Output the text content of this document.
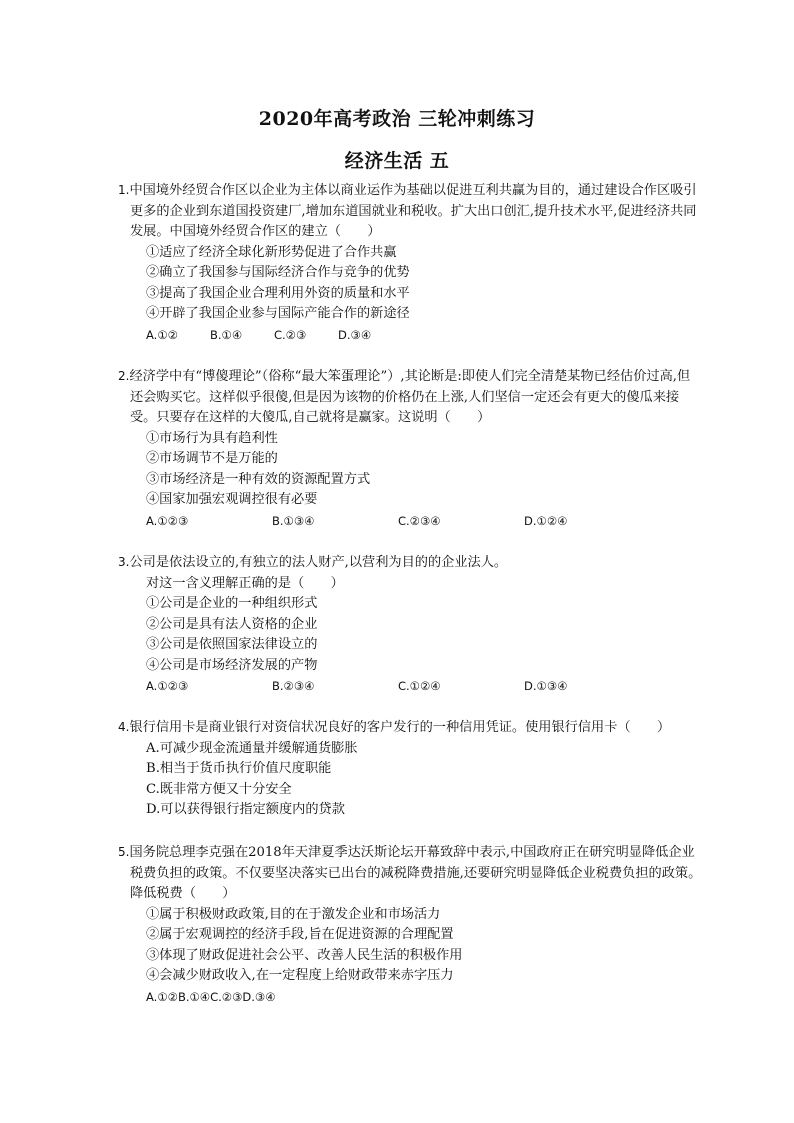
2020年高考政治 三轮冲刺练习
经济生活 五

1.中国境外经贸合作区以企业为主体以商业运作为基础以促进互利共赢为目的，通过建设合作区吸引更多的企业到东道国投资建厂,增加东道国就业和税收。扩大出口创汇,提升技术水平,促进经济共同发展。中国境外经贸合作区的建立（　　）

①适应了经济全球化新形势促进了合作共赢

②确立了我国参与国际经济合作与竞争的优势

③提高了我国企业合理利用外资的质量和水平

④开辟了我国企业参与国际产能合作的新途径

A.①②	B.①④	C.②③	D.③④

2.经济学中有“博傻理论”（俗称“最大笨蛋理论”）,其论断是:即使人们完全清楚某物已经估价过高,但还会购买它。这样似乎很傻,但是因为该物的价格仍在上涨,人们坚信一定还会有更大的傻瓜来接受。只要存在这样的大傻瓜,自己就将是赢家。这说明（　　）

①市场行为具有趋利性

②市场调节不是万能的

③市场经济是一种有效的资源配置方式

④国家加强宏观调控很有必要

A.①②③	B.①③④	C.②③④	D.①②④

3.公司是依法设立的,有独立的法人财产,以营利为目的的企业法人。

对这一含义理解正确的是（　　）

①公司是企业的一种组织形式

②公司是具有法人资格的企业

③公司是依照国家法律设立的

④公司是市场经济发展的产物

A.①②③	B.②③④	C.①②④	D.①③④

4.银行信用卡是商业银行对资信状况良好的客户发行的一种信用凭证。使用银行信用卡（　　）

A.可减少现金流通量并缓解通货膨胀

B.相当于货币执行价值尺度职能

C.既非常方便又十分安全

D.可以获得银行指定额度内的贷款

5.国务院总理李克强在2018年天津夏季达沃斯论坛开幕致辞中表示,中国政府正在研究明显降低企业税费负担的政策。不仅要坚决落实已出台的减税降费措施,还要研究明显降低企业税费负担的政策。降低税费（　　）

①属于积极财政政策,目的在于激发企业和市场活力

②属于宏观调控的经济手段,旨在促进资源的合理配置

③体现了财政促进社会公平、改善人民生活的积极作用

④会减少财政收入,在一定程度上给财政带来赤字压力

A.①②B.①④C.②③D.③④
